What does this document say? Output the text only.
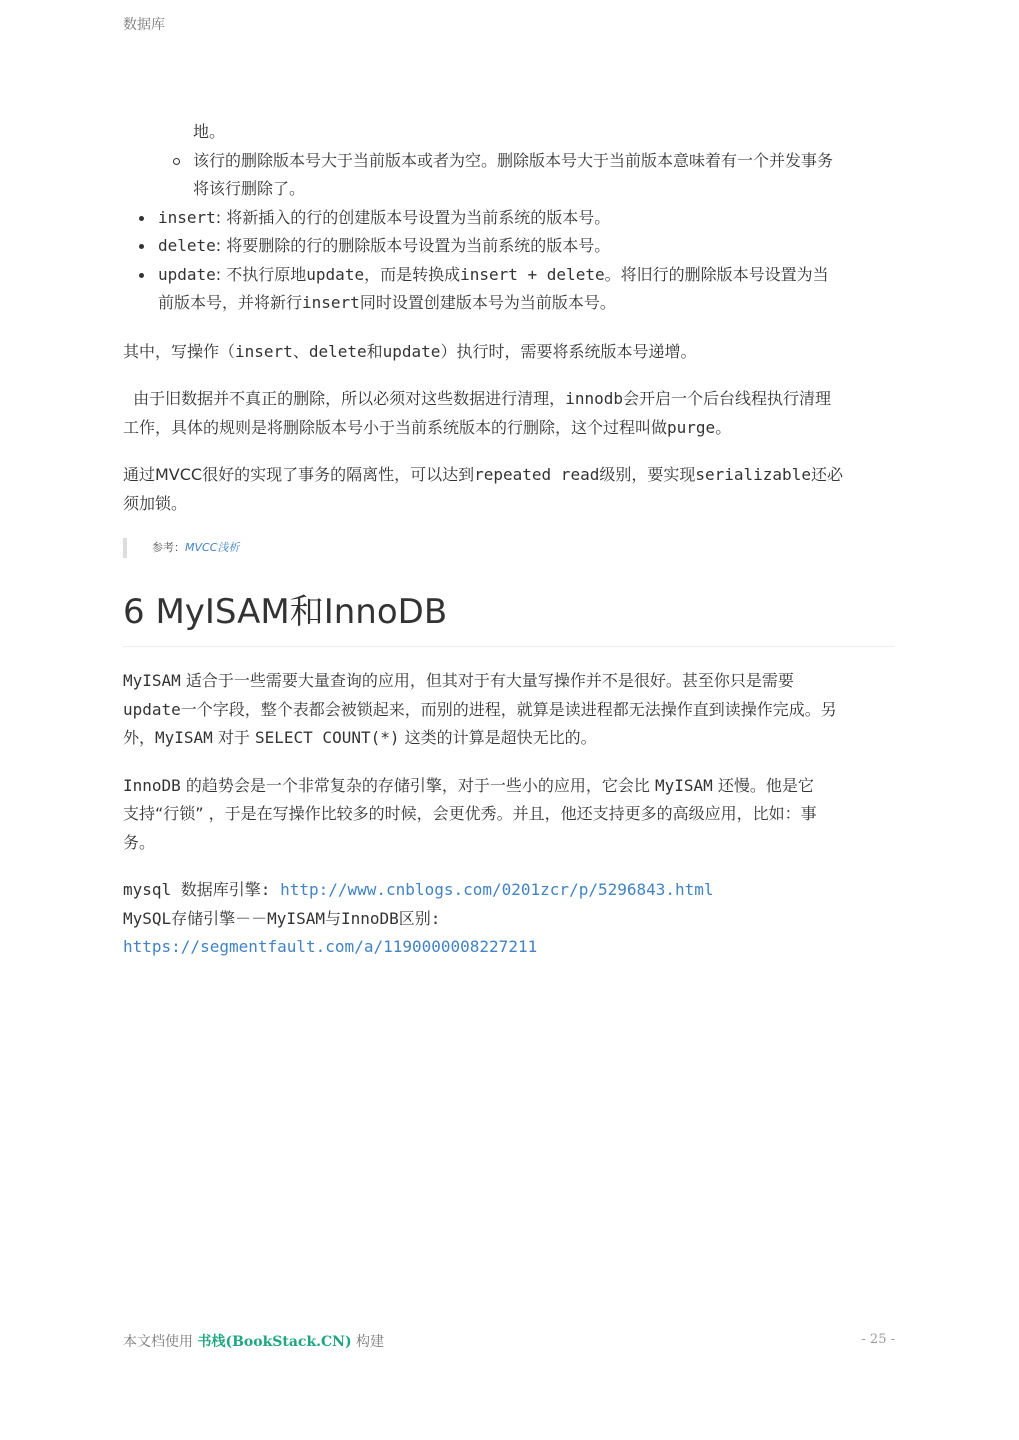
数据库
地。
该行的删除版本号大于当前版本或者为空。删除版本号大于当前版本意味着有一个并发事务
将该行删除了。
insert: 将新插入的行的创建版本号设置为当前系统的版本号。
delete: 将要删除的行的删除版本号设置为当前系统的版本号。
update: 不执行原地update，而是转换成insert + delete。将旧行的删除版本号设置为当
前版本号，并将新行insert同时设置创建版本号为当前版本号。
其中，写操作（insert、delete和update）执行时，需要将系统版本号递增。
由于旧数据并不真正的删除，所以必须对这些数据进行清理，innodb会开启一个后台线程执行清理
工作，具体的规则是将删除版本号小于当前系统版本的行删除，这个过程叫做purge。
通过MVCC很好的实现了事务的隔离性，可以达到repeated read级别，要实现serializable还必
须加锁。
参考：MVCC浅析
6 MyISAM和InnoDB
MyISAM 适合于一些需要大量查询的应用，但其对于有大量写操作并不是很好。甚至你只是需要
update一个字段，整个表都会被锁起来，而别的进程，就算是读进程都无法操作直到读操作完成。另
外，MyISAM 对于 SELECT COUNT(*) 这类的计算是超快无比的。
InnoDB 的趋势会是一个非常复杂的存储引擎，对于一些小的应用，它会比 MyISAM 还慢。他是它
支持“行锁” ，于是在写操作比较多的时候，会更优秀。并且，他还支持更多的高级应用，比如：事
务。
mysql 数据库引擎: http://www.cnblogs.com/0201zcr/p/5296843.html
MySQL存储引擎－－MyISAM与InnoDB区别:
https://segmentfault.com/a/1190000008227211
本文档使用 书栈(BookStack.CN) 构建	- 25 -
